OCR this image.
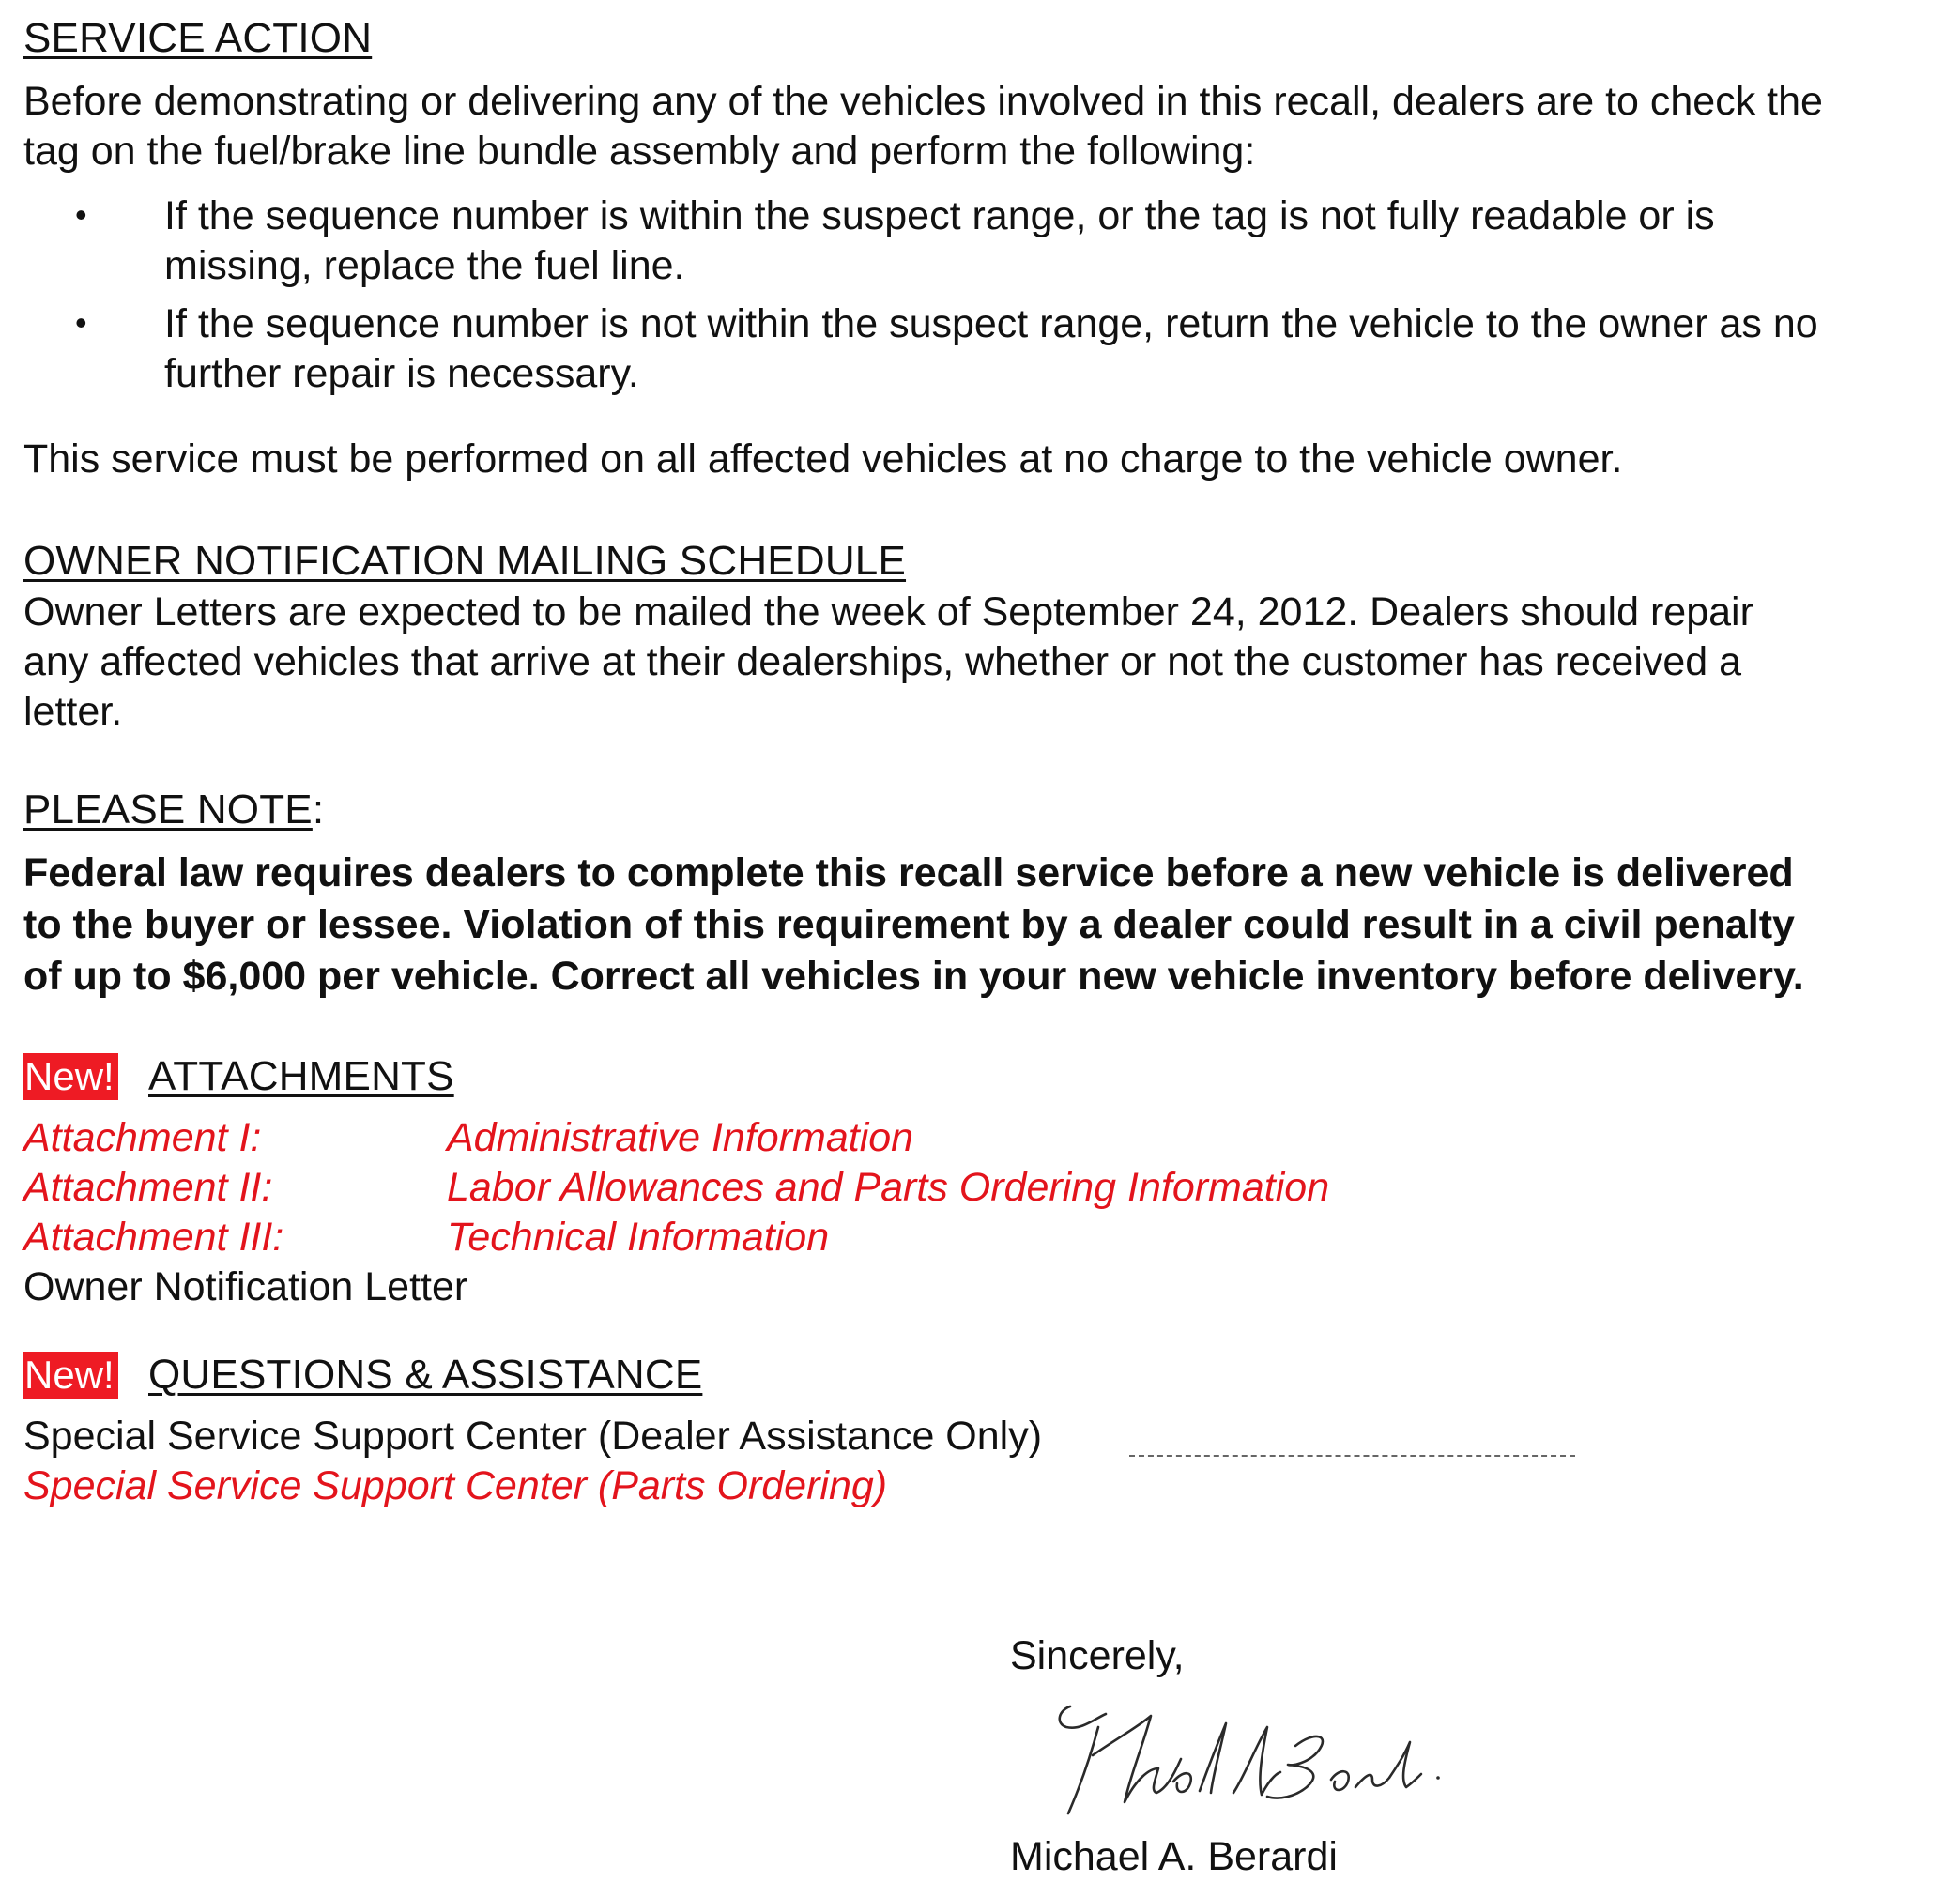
SERVICE ACTION
Before demonstrating or delivering any of the vehicles involved in this recall, dealers are to check the
tag on the fuel/brake line bundle assembly and perform the following:
• If the sequence number is within the suspect range, or the tag is not fully readable or is
missing, replace the fuel line.
• If the sequence number is not within the suspect range, return the vehicle to the owner as no
further repair is necessary.
This service must be performed on all affected vehicles at no charge to the vehicle owner.
OWNER NOTIFICATION MAILING SCHEDULE
Owner Letters are expected to be mailed the week of September 24, 2012. Dealers should repair
any affected vehicles that arrive at their dealerships, whether or not the customer has received a
letter.
PLEASE NOTE:
Federal law requires dealers to complete this recall service before a new vehicle is delivered
to the buyer or lessee. Violation of this requirement by a dealer could result in a civil penalty
of up to $6,000 per vehicle. Correct all vehicles in your new vehicle inventory before delivery.
New! ATTACHMENTS
Attachment I:	Administrative Information
Attachment II:	Labor Allowances and Parts Ordering Information
Attachment III:	Technical Information
Owner Notification Letter
New! QUESTIONS & ASSISTANCE
Special Service Support Center (Dealer Assistance Only)
Special Service Support Center (Parts Ordering)
Sincerely,
Michael A. Berardi
